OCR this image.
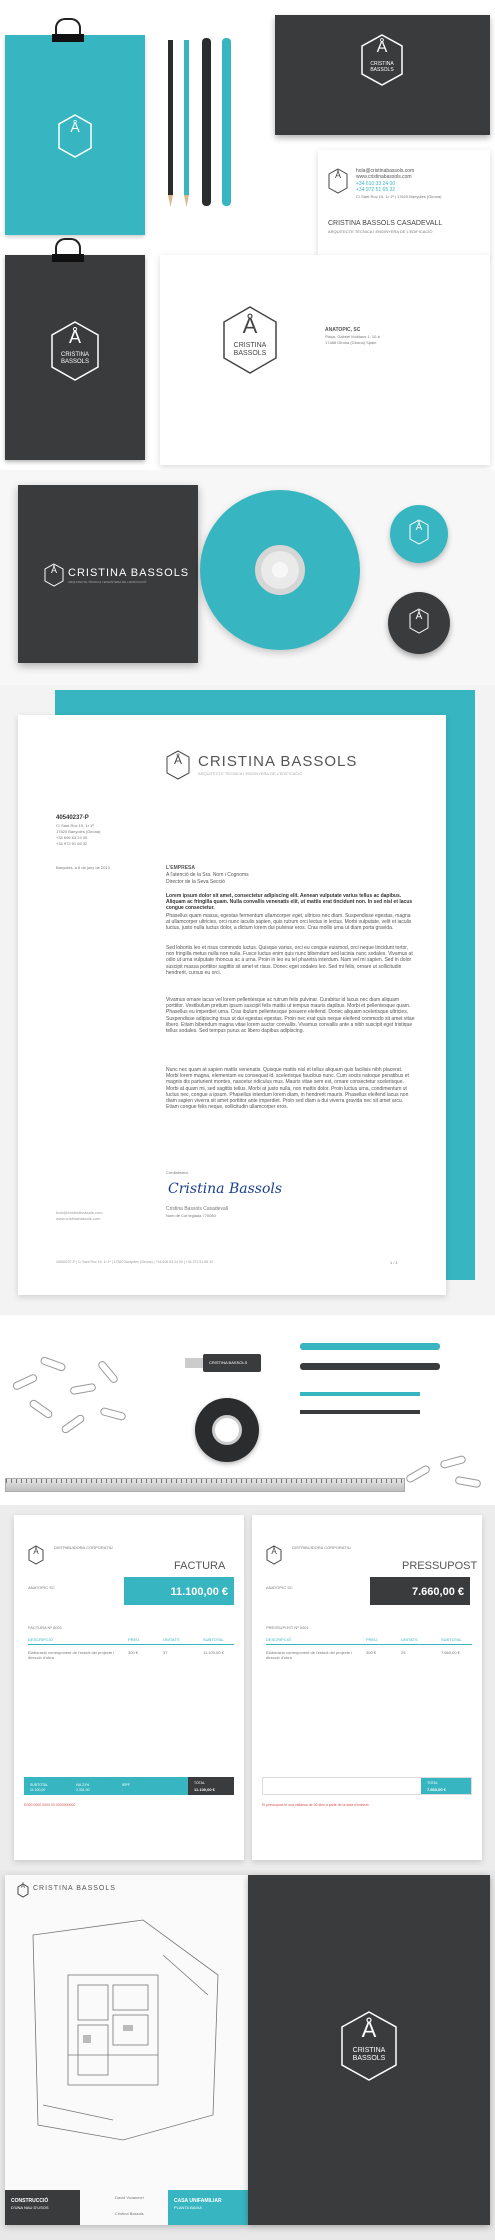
Å
Å
CRISTINA
BASSOLS
Å
CRISTINA
BASSOLS
Å	hola@cristinabassols.com
www.cristinabassols.com
+34 610 33 24 00
+34 972 51 65 32
C/ Sant Roc 15, 1r 1ª | 17820 Banyoles (Girona)
CRISTINA BASSOLS CASADEVALL
ARQUITECTE TÈCNICA I ENGINYERA DE L'EDIFICACIÓ
Å
CRISTINA
BASSOLS
ANATOPIC, SC
Plaça, Gabriel Moldaus 1, 10-b
17486 Girona (Girona) Spain
Å	CRISTINA BASSOLS
ARQUITECTE TÈCNICA I ENGINYERA DE L'EDIFICACIÓ
Å
Å
Å	CRISTINA BASSOLS
ARQUITECTE TÈCNICA I ENGINYERA DE L'EDIFICACIÓ
40540237-P
C/ Sant Roc 15, 1r 1ª
17820 Banyoles (Girona)
+34 606 63 24 00
+34 972 51 65 32
Banyoles, a 6 de juny de 2013	L'EMPRESA
A l'atenció de la Sra. Nom i Cognoms
Director de la Seva Secció
Lorem ipsum dolor sit amet, consectetur adipiscing elit. Aenean vulputate varius tellus ac dapibus. Aliquam ac fringilla quam. Nulla convallis venenatis elit, ut mattis erat tincidunt non. In sed nisl et lacus congue consectetur.
Phasellus quam massa, egestas fermentum ullamcorper eget, ultrices nec diam. Suspendisse egestas, magna at ullamcorper ultricies, orci nunc iaculis sapien, quis rutrum orci lectus in lectus. Morbi vulputate, velit et iaculis luctus, justo nulla luctus dolor, a dictum lorem dui pulvinar eros. Cras mollis urna ut diam porta gravida.
Sed lobortis leo et risus commodo luctus. Quisque varius, orci eu congue euismod, orci neque tincidunt tortor, non fringilla metus nulla non nulla. Fusce luctus enim quis nunc bibendum sed lacinia nunc sodales. Vivamus at odio ut urna vulputate rhoncus ac a urna. Proin in leo eu tel pharetra interdum. Nam vel mi sapien. Sed in dolor suscipit massa porttitor sagittis sit amet et risus. Donec eget sodales leo. Sed mi felis, ornare ut sollicitudin hendrerit, cursus eu orci.
Vivamus ornare lacus vel lorem pellentesque ac rutrum felis pulvinar. Curabitur id lacus nec diam aliquam porttitor. Vestibulum pretium ipsum suscipit felis mattis ut tempus mauris dapibus. Morbi et pellentesque quam. Phasellus eu imperdiet urna. Cras ibulum pellentesque posuere eleifend. Donec aliquam scelerisque ultricies. Suspendisse adipiscing risus ut dui egestas egestas. Proin nec erat quis neque eleifend commodo sit amet vitae libero. Etiam bibendum magna vitae lorem auctor convallis. Vivamus convallis ante a nibh suscipit eget tristique tellus sodales. Sed tempus purus ac libero dapibus adipiscing.
Nunc nec quam at sapien mattis venenatis. Quisque mattis nisl et tellus aliquam quis facilisis nibh placerat. Morbi lorem magna, elementum eu consequat id, scelerisque faucibus nunc. Cum sociis natoque penatibus et magnis dis parturient montes, nascetur ridiculus mus. Mauris vitae sem est, ornare consectetur scelerisque. Morbi at quam mi, sed sagittis tellus. Morbi at justo nulla, non mattis dolor. Proin luctus urna, condimentum ut luctus nec, congue a ipsum. Phasellus interdum lorem diam, in hendrerit mauris. Phasellus eleifend lacus non diam sapien viverra sit amet porttitor ante imperdiet. Proin sed diam a dui viverra gravida nec sit amet arcu. Etiam congue felis neque, sollicitudin ullamcorper eros.
Cordialment,
Cristina Bassols
Cristina Bassols Casadevall
Nom de Col·legiada 770080
hola@cristinabassols.com
www.cristinabassols.com
40540237-P | C/ Sant Roc 15, 1r 1ª | 17820 Banyoles (Girona) | +34 606 63 24 00 | +34 972 51 65 32	1 / 1
CRISTINA BASSOLS
Å	DISTRIBUIDORA CORPORATIU
FACTURA
ANATOPIC SC	11.100,00 €
FACTURA Nº 0001
DESCRIPCIÓ	PREU	UNITATS	SUBTOTAL
Elaboració corresponent de l'estudi del projecte i direcció d'obra
300 €	37	11.100,00 €
SUBTOTAL
11.100,00
IVA 21%
2.331,00
IRPF
-
TOTAL
11.100,00 €
ES00 0000 0000 00 0000000000
Å	DISTRIBUIDORA CORPORATIU
PRESSUPOST
ANATOPIC SC	7.660,00 €
PRESSUPOST Nº 0001
DESCRIPCIÓ	PREU	UNITATS	SUBTOTAL
Elaboració corresponent de l'estudi del projecte i direcció d'obra
300 €	25	7.660,00 €
TOTAL
7.660,00 €
El pressupost té una validesa de 30 dies a partir de la data d'emissió.
Å	CRISTINA BASSOLS
CONSTRUCCIÓ
D'UNA NAU D'USOS
David Vicianmel
Cristina Bassols
CASA UNIFAMILIAR
PLANTA BAIXA
Å
CRISTINA
BASSOLS
